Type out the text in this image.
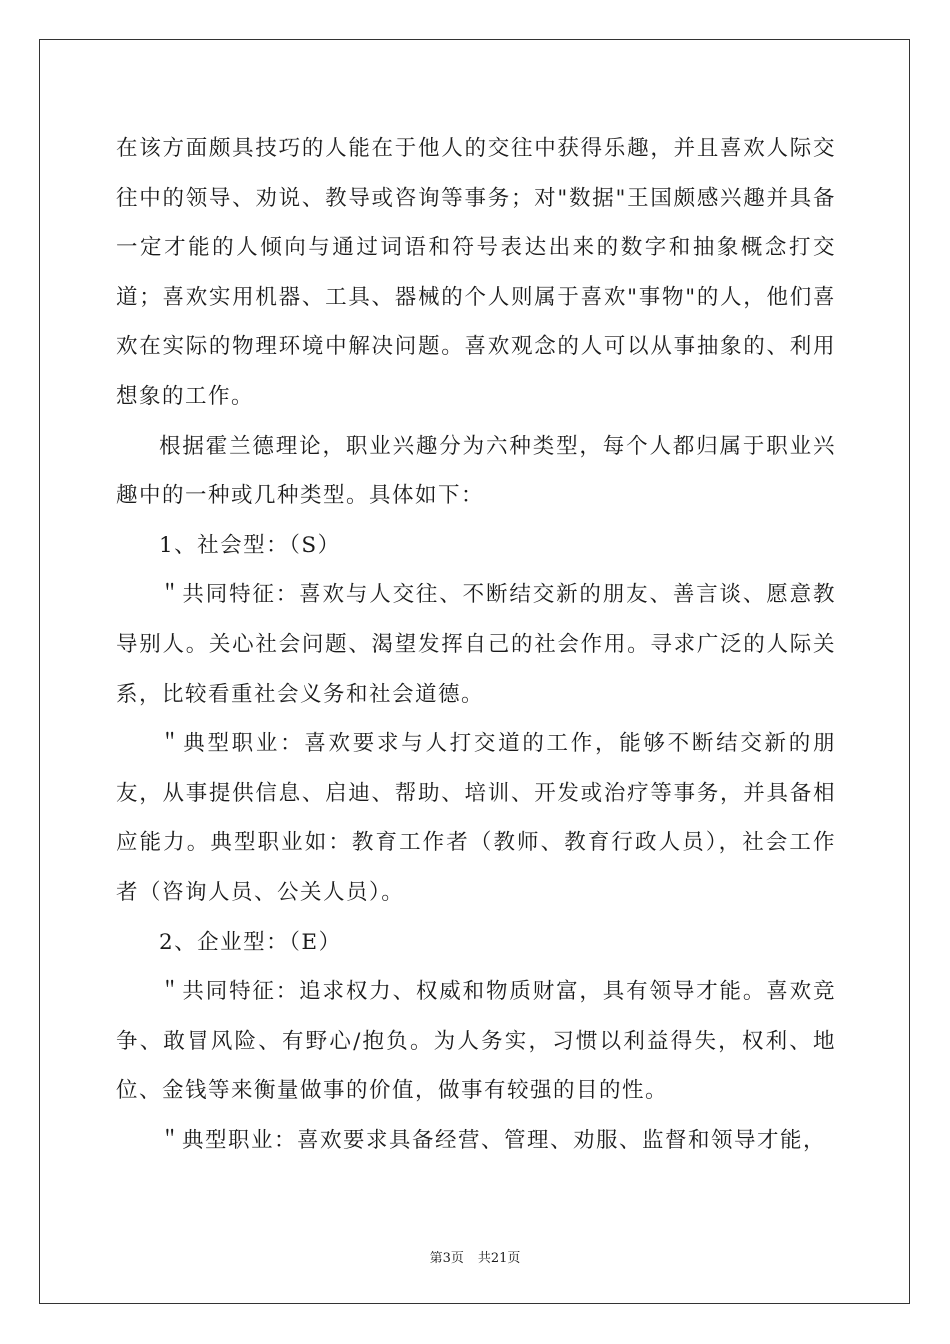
在该方面颇具技巧的人能在于他人的交往中获得乐趣，并且喜欢人际交往中的领导、劝说、教导或咨询等事务；对"数据"王国颇感兴趣并具备一定才能的人倾向与通过词语和符号表达出来的数字和抽象概念打交道；喜欢实用机器、工具、器械的个人则属于喜欢"事物"的人，他们喜欢在实际的物理环境中解决问题。喜欢观念的人可以从事抽象的、利用想象的工作。

根据霍兰德理论，职业兴趣分为六种类型，每个人都归属于职业兴趣中的一种或几种类型。具体如下：

1、社会型：（S）

＂共同特征：喜欢与人交往、不断结交新的朋友、善言谈、愿意教导别人。关心社会问题、渴望发挥自己的社会作用。寻求广泛的人际关系，比较看重社会义务和社会道德。

＂典型职业：喜欢要求与人打交道的工作，能够不断结交新的朋友，从事提供信息、启迪、帮助、培训、开发或治疗等事务，并具备相应能力。典型职业如：教育工作者（教师、教育行政人员），社会工作者（咨询人员、公关人员）。

2、企业型：（E）

＂共同特征：追求权力、权威和物质财富，具有领导才能。喜欢竞争、敢冒风险、有野心/抱负。为人务实，习惯以利益得失，权利、地位、金钱等来衡量做事的价值，做事有较强的目的性。

＂典型职业：喜欢要求具备经营、管理、劝服、监督和领导才能，

第3页 共21页
